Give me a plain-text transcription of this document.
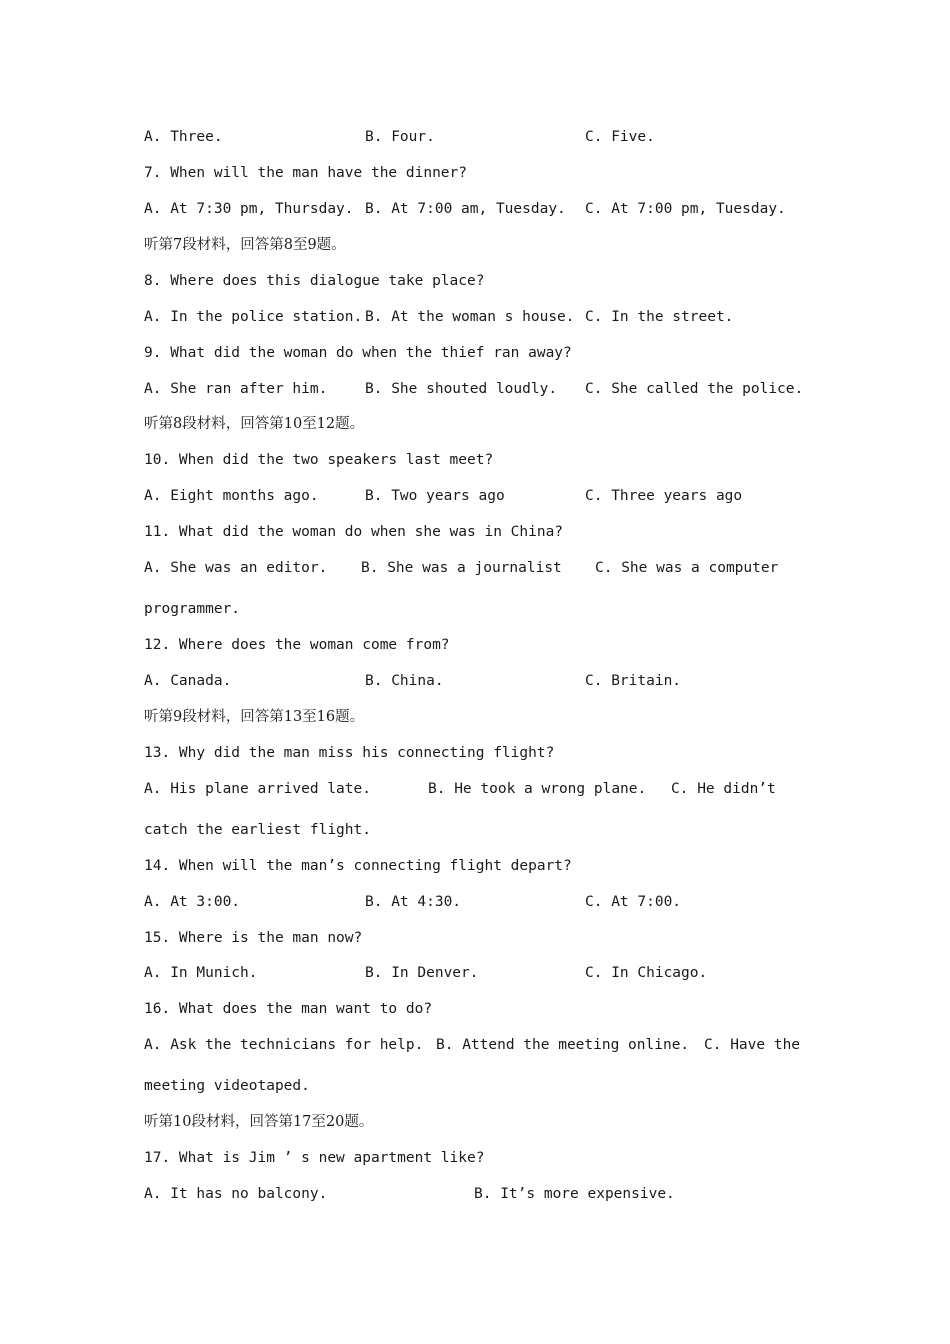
A. Three.	B. Four.	C. Five.
7. When will the man have the dinner?
A. At 7:30 pm, Thursday. B. At 7:00 am, Tuesday. C. At 7:00 pm, Tuesday.
听第7段材料，回答第8至9题。
8. Where does this dialogue take place?
A. In the police station. B. At the woman s house. C. In the street.
9. What did the woman do when the thief ran away?
A. She ran after him.	B. She shouted loudly. C. She called the police.
听第8段材料，回答第10至12题。
10. When did the two speakers last meet?
A. Eight months ago.	B. Two years ago	C. Three years ago
11. What did the woman do when she was in China?
A. She was an editor. B. She was a journalist C. She was a computer
programmer.
12. Where does the woman come from?
A. Canada.	B. China.	C. Britain.
听第9段材料，回答第13至16题。
13. Why did the man miss his connecting flight?
A. His plane arrived late.	B. He took a wrong plane. C. He didn’t
catch the earliest flight.
14. When will the man’s connecting flight depart?
A. At 3:00.	B. At 4:30.	C. At 7:00.
15. Where is the man now?
A. In Munich.	B. In Denver.	C. In Chicago.
16. What does the man want to do?
A. Ask the technicians for help. B. Attend the meeting online. C. Have the
meeting videotaped.
听第10段材料，回答第17至20题。
17. What is Jim ’ s new apartment like?
A. It has no balcony.	B. It’s more expensive.
